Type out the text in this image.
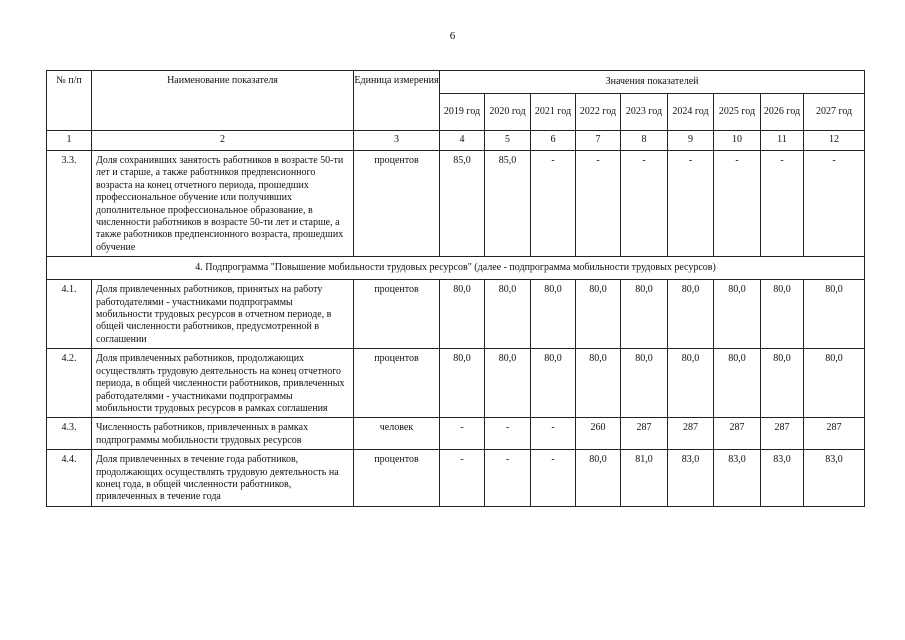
6
№ п/п	Наименование показателя	Единица измерения	Значения показателей								
			2019 год	2020 год	2021 год	2022 год	2023 год	2024 год	2025 год	2026 год	2027 год
1	2	3	4	5	6	7	8	9	10	11	12
3.3.	Доля сохранивших занятость работников в возрасте 50-ти лет и старше, а также работников предпенсионного возраста на конец отчетного периода, прошедших профессиональное обучение или получивших дополнительное профессиональное образование, в численности работников в возрасте 50-ти лет и старше, а также работников предпенсионного возраста, прошедших обучение	процентов	85,0	85,0	-	-	-	-	-	-	-
4. Подпрограмма "Повышение мобильности трудовых ресурсов" (далее - подпрограмма мобильности трудовых ресурсов)											
4.1.	Доля привлеченных работников, принятых на работу работодателями - участниками подпрограммы мобильности трудовых ресурсов в отчетном периоде, в общей численности работников, предусмотренной в соглашении	процентов	80,0	80,0	80,0	80,0	80,0	80,0	80,0	80,0	80,0
4.2.	Доля привлеченных работников, продолжающих осуществлять трудовую деятельность на конец отчетного периода, в общей численности работников, привлеченных работодателями - участниками подпрограммы мобильности трудовых ресурсов в рамках соглашения	процентов	80,0	80,0	80,0	80,0	80,0	80,0	80,0	80,0	80,0
4.3.	Численность работников, привлеченных в рамках подпрограммы мобильности трудовых ресурсов	человек	-	-	-	260	287	287	287	287	287
4.4.	Доля привлеченных в течение года работников, продолжающих осуществлять трудовую деятельность на конец года, в общей численности работников, привлеченных в течение года	процентов	-	-	-	80,0	81,0	83,0	83,0	83,0	83,0
